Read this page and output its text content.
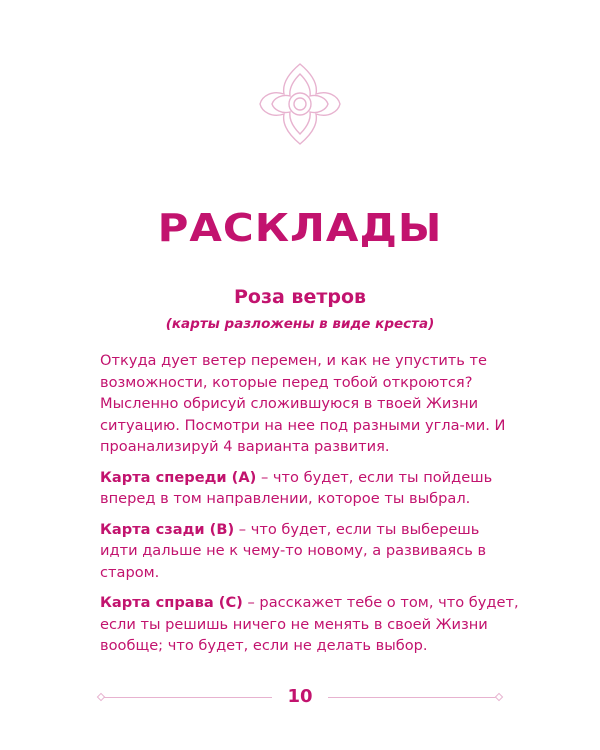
РАСКЛАДЫ
Роза ветров
(карты разложены в виде креста)

Откуда дует ветер перемен, и как не упустить те возможности, которые перед тобой откроются? Мысленно обрисуй сложившуюся в твоей Жизни ситуацию. Посмотри на нее под разными угла-ми. И проанализируй 4 варианта развития.

Карта спереди (А) – что будет, если ты пойдешь вперед в том направлении, которое ты выбрал.

Карта сзади (В) – что будет, если ты выберешь идти дальше не к чему-то новому, а развиваясь в старом.

Карта справа (С) – расскажет тебе о том, что будет, если ты решишь ничего не менять в своей Жизни вообще; что будет, если не делать выбор.

10
